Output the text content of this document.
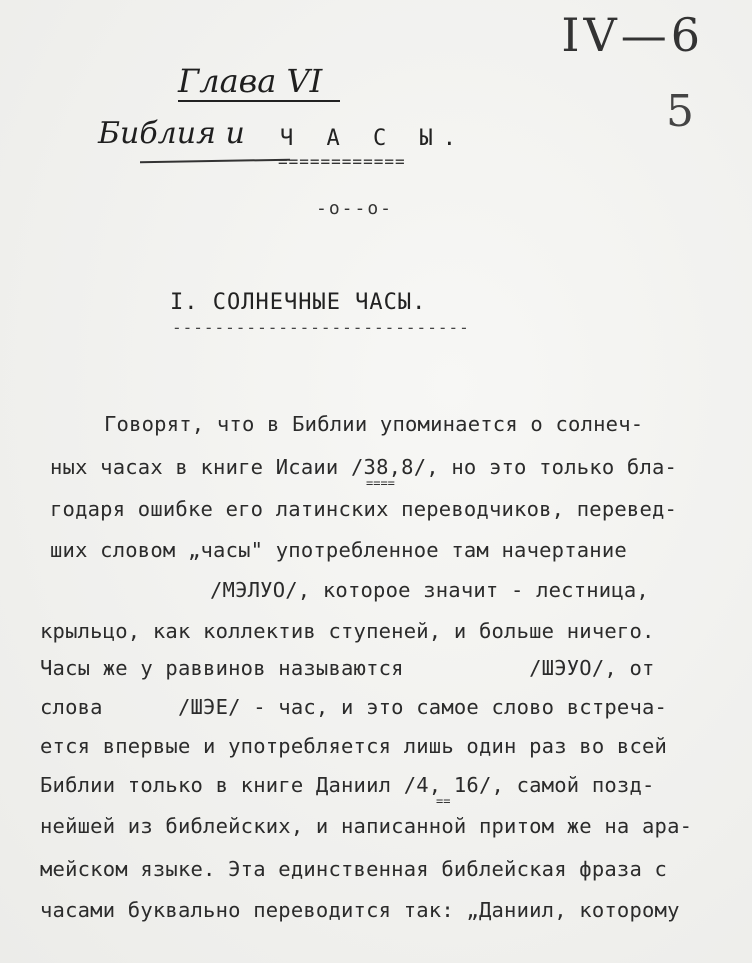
IV—6
5
Глава VI
Библия и Ч А С Ы.
============
-o--o-
I. СОЛНЕЧНЫЕ ЧАСЫ.
----------------------------
Говорят, что в Библии упоминается о солнеч-
ных часах в книге Исаии /38,8/, но это только бла-
годаря ошибке его латинских переводчиков, перевед-
ших словом „часы" употребленное там начертание
/МЭЛУО/, которое значит - лестница,
крыльцо, как коллектив ступеней, и больше ничего.
Часы же у раввинов называются          /ШЭУО/, от
слова      /ШЭЕ/ - час, и это самое слово встреча-
ется впервые и употребляется лишь один раз во всей
Библии только в книге Даниил /4, 16/, самой позд-
нейшей из библейских, и написанной притом же на ара-
мейском языке. Эта единственная библейская фраза с
часами буквально переводится так: „Даниил, которому
====
==
